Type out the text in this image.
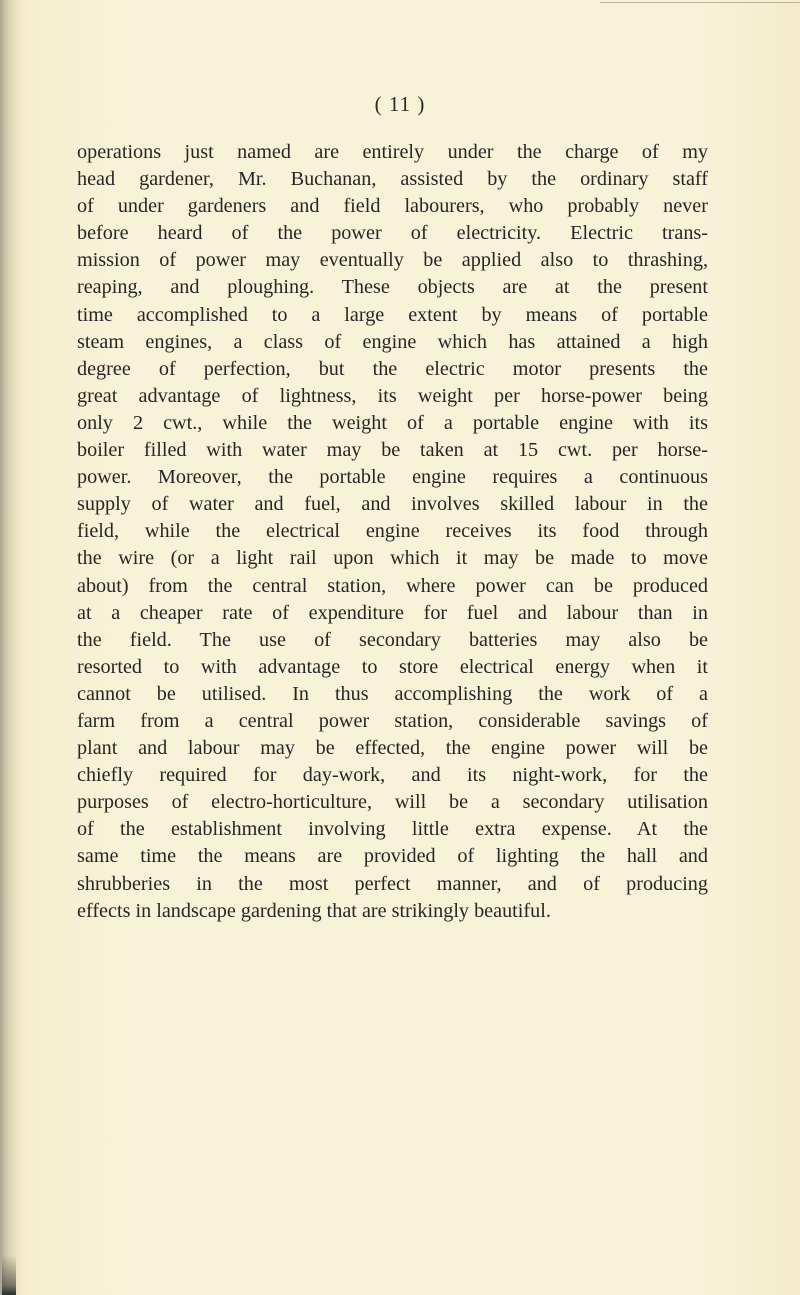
( 11 )
operations just named are entirely under the charge of my
head gardener, Mr. Buchanan, assisted by the ordinary staff
of under gardeners and field labourers, who probably never
before heard of the power of electricity. Electric trans-
mission of power may eventually be applied also to thrashing,
reaping, and ploughing. These objects are at the present
time accomplished to a large extent by means of portable
steam engines, a class of engine which has attained a high
degree of perfection, but the electric motor presents the
great advantage of lightness, its weight per horse-power being
only 2 cwt., while the weight of a portable engine with its
boiler filled with water may be taken at 15 cwt. per horse-
power. Moreover, the portable engine requires a continuous
supply of water and fuel, and involves skilled labour in the
field, while the electrical engine receives its food through
the wire (or a light rail upon which it may be made to move
about) from the central station, where power can be produced
at a cheaper rate of expenditure for fuel and labour than in
the field. The use of secondary batteries may also be
resorted to with advantage to store electrical energy when it
cannot be utilised. In thus accomplishing the work of a
farm from a central power station, considerable savings of
plant and labour may be effected, the engine power will be
chiefly required for day-work, and its night-work, for the
purposes of electro-horticulture, will be a secondary utilisation
of the establishment involving little extra expense. At the
same time the means are provided of lighting the hall and
shrubberies in the most perfect manner, and of producing
effects in landscape gardening that are strikingly beautiful.
